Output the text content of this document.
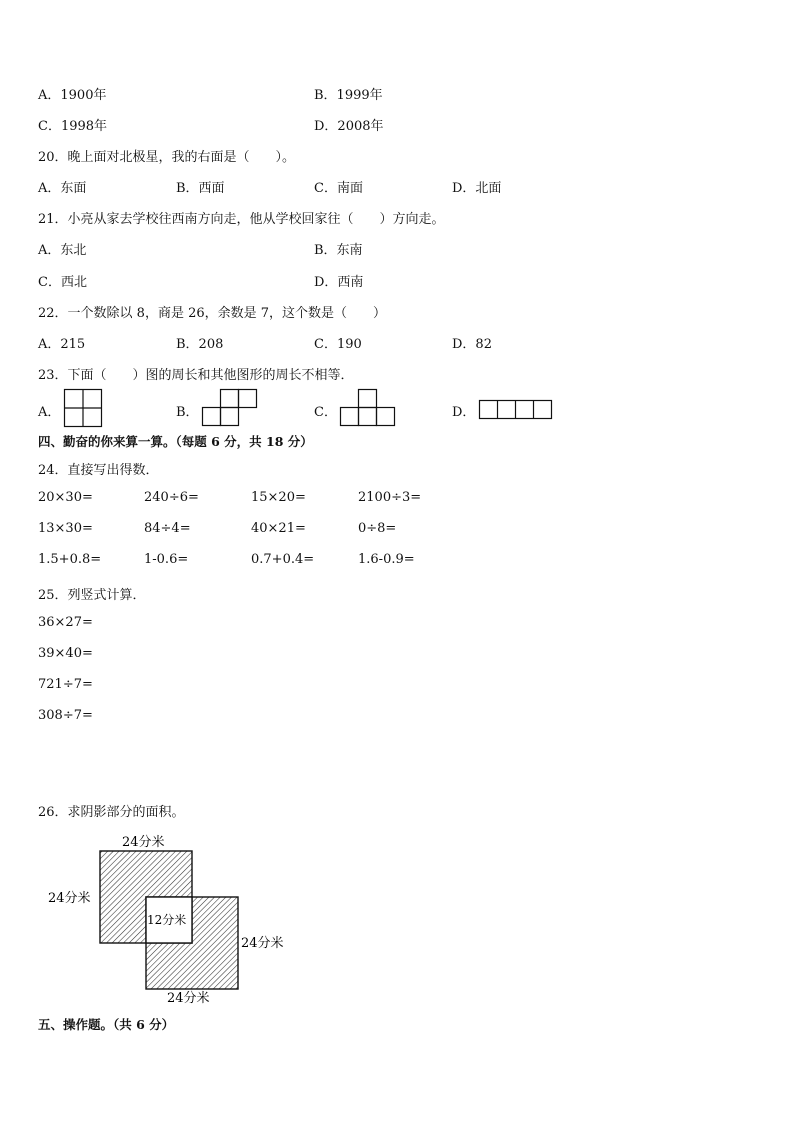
A．1900年	B．1999年
C．1998年	D．2008年
20．晚上面对北极星，我的右面是（　　）。
A．东面	B．西面	C．南面	D．北面
21．小亮从家去学校往西南方向走，他从学校回家往（　　）方向走。
A．东北	B．东南
C．西北	D．西南
22．一个数除以 8，商是 26，余数是 7，这个数是（　　）
A．215	B．208	C．190	D．82
23．下面（　　）图的周长和其他图形的周长不相等．
A．	B．	C．	D．
四、勤奋的你来算一算。（每题 6 分，共 18 分）
24．直接写出得数．
20×30=	240÷6=	15×20=	2100÷3=
13×30=	84÷4=	40×21=	0÷8=
1.5+0.8=	1-0.6=	0.7+0.4=	1.6-0.9=
25．列竖式计算．
36×27=
39×40=
721÷7=
308÷7=
26．求阴影部分的面积。
24分米
24分米
12分米
24分米
24分米
五、操作题。（共 6 分）
